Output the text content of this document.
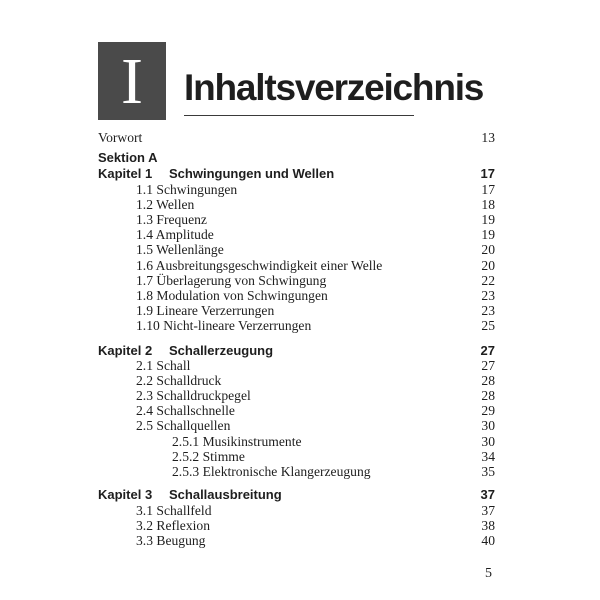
I	Inhaltsverzeichnis
Vorwort	13
Sektion A
Kapitel 1 Schwingungen und Wellen	17
1.1 Schwingungen	17
1.2 Wellen	18
1.3 Frequenz	19
1.4 Amplitude	19
1.5 Wellenlänge	20
1.6 Ausbreitungsgeschwindigkeit einer Welle	20
1.7 Überlagerung von Schwingung	22
1.8 Modulation von Schwingungen	23
1.9 Lineare Verzerrungen	23
1.10 Nicht-lineare Verzerrungen	25
Kapitel 2 Schallerzeugung	27
2.1 Schall	27
2.2 Schalldruck	28
2.3 Schalldruckpegel	28
2.4 Schallschnelle	29
2.5 Schallquellen	30
2.5.1 Musikinstrumente	30
2.5.2 Stimme	34
2.5.3 Elektronische Klangerzeugung	35
Kapitel 3 Schallausbreitung	37
3.1 Schallfeld	37
3.2 Reflexion	38
3.3 Beugung	40
5
